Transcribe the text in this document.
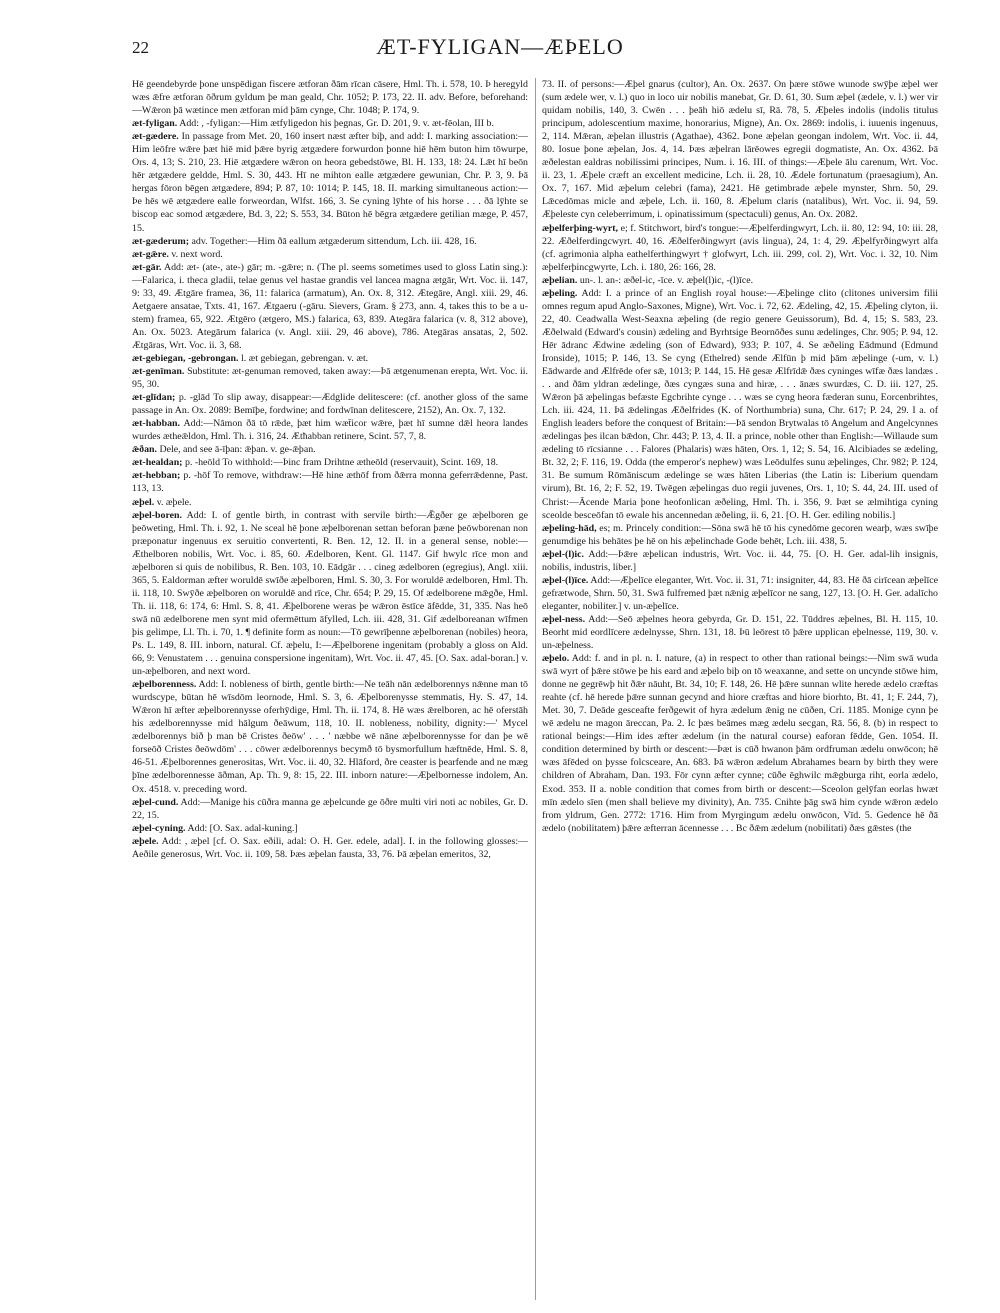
22	ÆT-FYLIGAN—ÆÞELO

Hē geendebyrde þone unspēdigan fiscere ætforan ðām rīcan cāsere, Hml. Th. i. 578, 10. Þ heregyld wæs ǣfre ætforan ōðrum gyldum þe man geald, Chr. 1052; P. 173, 22. II. adv. Before, beforehand:—Wǣron þā wætince men ætforan mid þām cynge, Chr. 1048; P. 174, 9.

æt-fyligan. Add: , -fyligan:—Him ætfyligedon his þegnas, Gr. D. 201, 9. v. æt-fēolan, III b.

æt-gædere. In passage from Met. 20, 160 insert næst æfter biþ, and add: I. marking association:—Him leōfre wǣre þæt hiē mid þǣre byrig ætgædere forwurdon þonne hiē hēm buton him tōwurpe, Ors. 4, 13; S. 210, 23. Hiē ætgædere wǣron on heora gebedstōwe, Bl. H. 133, 18: 24. Lǣt hī beōn hēr ætgædere geldde, Hml. S. 30, 443. Hī ne mihton ealle ætgædere gewunian, Chr. P. 3, 9. Þā hergas fōron bēgen ætgædere, 894; P. 87, 10: 1014; P. 145, 18. II. marking simultaneous action:—Þe hēs wē ætgædere ealle forweordan, Wlfst. 166, 3. Se cyning lȳhte of his horse . . . ðā lȳhte se biscop eac somod ætgædere, Bd. 3, 22; S. 553, 34. Būton hē bēgra ætgædere getilian mæge, P. 457, 15.

æt-gæderum; adv. Together:—Him ðā eallum ætgæderum sittendum, Lch. iii. 428, 16.

æt-gǣre. v. next word.

æt-gār. Add: æt- (ate-, ate-) gār; m. -gǣre; n. (The pl. seems sometimes used to gloss Latin sing.):—Falarica, i. theca gladii, telae genus vel hastae grandis vel lancea magna ætgār, Wrt. Voc. ii. 147, 9: 33, 49. Ætgāre framea, 36, 11: falarica (armatum), An. Ox. 8, 312. Ætegāre, Angl. xiii. 29, 46. Aetgaere ansatae, Txts. 41, 167. Ætgaeru (-gāru. Sievers, Gram. § 273, ann. 4, takes this to be a u-stem) framea, 65, 922. Ætgēro (ætgero, MS.) falarica, 63, 839. Ategāra falarica (v. 8, 312 above), An. Ox. 5023. Ategārum falarica (v. Angl. xiii. 29, 46 above), 786. Ategāras ansatas, 2, 502. Ætgāras, Wrt. Voc. ii. 3, 68.

æt-gebiegan, -gebrongan. l. æt gebiegan, gebrengan. v. æt.

æt-genīman. Substitute: æt-genuman removed, taken away:—Þā ætgenumenan erepta, Wrt. Voc. ii. 95, 30.

æt-glīdan; p. -glād To slip away, disappear:—Ædglide delitescere: (cf. another gloss of the same passage in An. Ox. 2089: Bemīþe, fordwine; and fordwīnan delitescere, 2152), An. Ox. 7, 132.

æt-habban. Add:—Nāmon ðā tō rǣde, þæt him wæt̄icor wǣre, þæt hī sumne dǣl heora landes wurdes ætheǣldon, Hml. Th. i. 316, 24. Ætħabban retinere, Scint. 57, 7, 8.

ǣðan. Dele, and see ā-īþan: ǣþan. v. ge-ǣþan.

æt-healdan; p. -heōld To withhold:—Þinc fram Drihtne ætheōld (reservauit), Scint. 169, 18.

æt-hebban; p. -hōf To remove, withdraw:—Hē hine æthōf from ðǣrra monna geferrǣdenne, Past. 113, 13.

æþel. v. æþele.

æþel-boren. Add: I. of gentle birth, in contrast with servile birth:—Ǣgðer ge æþelboren ge þeōweting, Hml. Th. i. 92, 1. Ne sceal hē þone æþelborenan settan beforan þæne þeōwborenan non præponatur ingenuus ex seruitio convertenti, R. Ben. 12, 12. II. in a general sense, noble:—Æthelboren nobilis, Wrt. Voc. i. 85, 60. Ædelboren, Kent. Gl. 1147. Gif hwylc rīce mon and æþelboren si quis de nobilibus, R. Ben. 103, 10. Eādgār . . . cineg ædelboren (egregius), Angl. xiii. 365, 5. Ealdorman æfter woruldē swīðe æþelboren, Hml. S. 30, 3. For woruldē ædelboren, Hml. Th. ii. 118, 10. Swȳðe æþelboren on woruldē and rīce, Chr. 654; P. 29, 15. Of ædelborene mǣgðe, Hml. Th. ii. 118, 6: 174, 6: Hml. S. 8, 41. Æþelborene weras þe wǣron ēstīce āfēdde, 31, 335. Nas heō swā nū ædelborene men synt mid ofermēttum āfylled, Lch. iii. 428, 31. Gif ædelboreanan wīfmen þis gelimpe, Ll. Th. i. 70, 1. ¶ definite form as noun:—Tō gewrīþenne æþelborenan (nobiles) heora, Ps. L. 149, 8. III. inborn, natural. Cf. æþelu, I:—Æþelborene ingenitam (probably a gloss on Ald. 66, 9: Venustatem . . . genuina conspersione ingenitam), Wrt. Voc. ii. 47, 45. [O. Sax. adal-boran.] v. un-æþelboren, and next word.

æþelborenness. Add: I. nobleness of birth, gentle birth:—Ne teāh nān ædelborennys nǣnne man tō wurdscype, būtan hē wīsdōm leornode, Hml. S. 3, 6. Æþelborenysse stemmatis, Hy. S. 47, 14. Wǣron hī æfter æþelborennysse oferhȳdige, Hml. Th. ii. 174, 8. Hē wæs ǣrelboren, ac hē oferstāh his ædelborennysse mid hālgum ðeāwum, 118, 10. II. nobleness, nobility, dignity:—' Mycel ædelborennys bið þ man bē Cristes ðeōw' . . . ' næbbe wē nāne æþelborennysse for dan þe wē forseōð Cristes ðeōwdōm' . . . cōwer ædelborennys becymð tō bysmorfullum hæftnēde, Hml. S. 8, 46-51. Æþelborennes generositas, Wrt. Voc. ii. 40, 32. Hlāford, ðre ceaster is þearfende and ne mæg þīne ædelborennesse āðman, Ap. Th. 9, 8: 15, 22. III. inborn nature:—Æþelbornesse indolem, An. Ox. 4518. v. preceding word.

æþel-cund. Add:—Manige his cūðra manna ge æþelcunde ge ōðre multi viri noti ac nobiles, Gr. D. 22, 15.

æþel-cyning. Add: [O. Sax. adal-kuning.]

æþele. Add: , æþel [cf. O. Sax. eðili, adal: O. H. Ger. edele, adal]. I. in the following glosses:—Aeðile generosus, Wrt. Voc. ii. 109, 58. Þæs æþelan fausta, 33, 76. Þā æþelan emeritos, 32,

73. II. of persons:—Æþel gnarus (cultor), An. Ox. 2637. On þære stōwe wunode swȳþe æþel wer (sum ædele wer, v. l.) quo in loco uir nobilis manebat, Gr. D. 61, 30. Sum æþel (ædele, v. l.) wer vir quidam nobilis, 140, 3. Cwēn . . . þeāh hiō ædelu sī, Rā. 78, 5. Æþeles indolis (indolis titulus principum, adolescentium maxime, honorarius, Migne), An. Ox. 2869: indolis, i. iuuenis ingenuus, 2, 114. Mǣran, æþelan illustris (Agathae), 4362. Þone æþelan geongan indolem, Wrt. Voc. ii. 44, 80. Iosue þone æþelan, Jos. 4, 14. Þæs æþelran lārēowes egregii dogmatiste, An. Ox. 4362. Þā æðelestan ealdras nobilissimi principes, Num. i. 16. III. of things:—Æþele ālu carenum, Wrt. Voc. ii. 23, 1. Æþele cræft an excellent medicine, Lch. ii. 28, 10. Ædele fortunatum (praesagium), An. Ox. 7, 167. Mid æþelum celebri (fama), 2421. Hē getimbrade æþele mynster, Shrn. 50, 29. Lǣcedōmas micle and æþele, Lch. ii. 160, 8. Æþelum claris (natalibus), Wrt. Voc. ii. 94, 59. Æþeleste cyn celeberrimum, i. opinatissimum (spectaculi) genus, An. Ox. 2082.

æþelferþing-wyrt, e; f. Stitchwort, bird's tongue:—Æþelferdingwyrt, Lch. ii. 80, 12: 94, 10: iii. 28, 22. Æðelferdingcwyrt. 40, 16. Æðelferðingwyrt (avis lingua), 24, 1: 4, 29. Æþelfyrðingwyrt alfa (cf. agrimonia alpha eathelferthingwyrt † glofwyrt, Lch. iii. 299, col. 2), Wrt. Voc. i. 32, 10. Nim æþelferþincgwyrte, Lch. i. 180, 26: 166, 28.

æþelian. un-. l. an-: æðel-ic, -īce. v. æþel(l)ic, -(l)īce.

æþeling. Add: I. a prince of an English royal house:—Æþelinge clito (clitones universim filii omnes regum apud Anglo-Saxones, Migne), Wrt. Voc. i. 72, 62. Ædeling, 42, 15. Æþeling clyton, ii. 22, 40. Ceadwalla West-Seaxna æþeling (de regio genere Geuissorum), Bd. 4, 15; S. 583, 23. Æðelwald (Edward's cousin) ædeling and Byrhtsige Beornōðes sunu ædelinges, Chr. 905; P. 94, 12. Hēr ādranc Ædwine ædeling (son of Edward), 933; P. 107, 4. Se æðeling Eādmund (Edmund Ironside), 1015; P. 146, 13. Se cyng (Ethelred) sende Ælfūn þ mid þām æþelinge (-um, v. l.) Eādwarde and Ælfrēde ofer sǣ, 1013; P. 144, 15. Hē gesæ Ælfrīdǣ ðæs cyninges wīfæ ðæs landæs . . . and ðām yldran ædelinge, ðæs cyngæs suna and hiræ, . . . ānæs swurdæs, C. D. iii. 127, 25. Wǣron þā æþelingas befæste Egcbrihte cynge . . . wæs se cyng heora fæderan sunu, Eorcenbrihtes, Lch. iii. 424, 11. Þā ǣdelingas Æðelfrides (K. of Northumbria) suna, Chr. 617; P. 24, 29. I a. of English leaders before the conquest of Britain:—Þā sendon Brytwalas tō Angelum and Angelcynnes ædelingas þes ilcan bǣdon, Chr. 443; P. 13, 4. II. a prince, noble other than English:—Willaude sum ædeling tō rīcsianne . . . Falores (Phalaris) wæs hāten, Ors. 1, 12; S. 54, 16. Alcibiades se ædeling, Bt. 32, 2; F. 116, 19. Odda (the emperor's nephew) wæs Leōdulfes sunu æþelinges, Chr. 982; P. 124, 31. Be sumum Rōmāniscum ædelinge se wæs hāten Liberias (the Latin is: Liberium quendam virum), Bt. 16, 2; F. 52, 19. Twēgen æþelingas duo regii juvenes, Ors. 1, 10; S. 44, 24. III. used of Christ:—Ācende Maria þone heofonlican æðeling, Hml. Th. i. 356, 9. Þæt se ælmihtiga cyning sceolde besceōfan tō ewale his ancennedan æðeling, ii. 6, 21. [O. H. Ger. ediling nobilis.]

æþeling-hād, es; m. Princely condition:—Sōna swā hē tō his cynedōme gecoren wearþ, wæs swīþe genumdige his behātes þe hē on his æþelinchade Gode behēt, Lch. iii. 438, 5.

æþel-(l)ic. Add:—Þǣre æþelican industris, Wrt. Voc. ii. 44, 75. [O. H. Ger. adal-lih insignis, nobilis, industris, liber.]

æþel-(l)īce. Add:—Æþelīce eleganter, Wrt. Voc. ii. 31, 71: insigniter, 44, 83. Hē ðā cirīcean æþelīce gefrætwode, Shrn. 50, 31. Swā fulfremed þæt nǣnig æþelīcor ne sang, 127, 13. [O. H. Ger. adalīcho eleganter, nobiliter.] v. un-æþelīce.

æþel-ness. Add:—Seō æþelnes heora gebyrda, Gr. D. 151, 22. Tūddres æþelnes, Bl. H. 115, 10. Beorht mid eordlīcere ædelnysse, Shrn. 131, 18. Þū leōrest tō þǣre upplican eþelnesse, 119, 30. v. un-æþelness.

æþelo. Add: f. and in pl. n. I. nature, (a) in respect to other than rational beings:—Nim swā wuda swā wyrt of þǣre stōwe þe his eard and æþelo biþ on tō weaxanne, and sette on uncynde stōwe him, donne ne gegrēwþ hit ðǣr nāuht, Bt. 34, 10; F. 148, 26. Hē þǣre sunnan wlite herede ædelo cræftas reahte (cf. hē herede þǣre sunnan gecynd and hiore cræftas and hiore biorhto, Bt. 41, 1; F. 244, 7), Met. 30, 7. Deāde gesceafte ferðgewit of hyra ædelum ǣnig ne cūðen, Cri. 1185. Monige cynn þe wē ædelu ne magon āreccan, Pa. 2. Ic þæs beāmes mæg ædelu secgan, Rā. 56, 8. (b) in respect to rational beings:—Him ides æfter ædelum (in the natural course) eaforan fēdde, Gen. 1054. II. condition determined by birth or descent:—Þæt is cūð hwanon þām ordfruman ædelu onwōcon; hē wæs āfēded on þysse folcsceare, An. 683. Þā wǣron ædelum Abrahames bearn by birth they were children of Abraham, Dan. 193. Fōr cynn æfter cynne; cūðe ēghwilc mǣgburga riht, eorla ædelo, Exod. 353. II a. noble condition that comes from birth or descent:—Sceolon gelȳfan eorlas hwæt mīn ædelo sīen (men shall believe my divinity), An. 735. Cnihte þāg swā him cynde wǣron ædelo from yldrum, Gen. 2772: 1716. Him from Myrgingum ædelu onwōcon, Vīd. 5. Gedence hē ðā ædelo (nobilitatem) þǣre æfterran ācennesse . . . Bc ðǣm ædelum (nobilitati) ðæs gǣstes (the
